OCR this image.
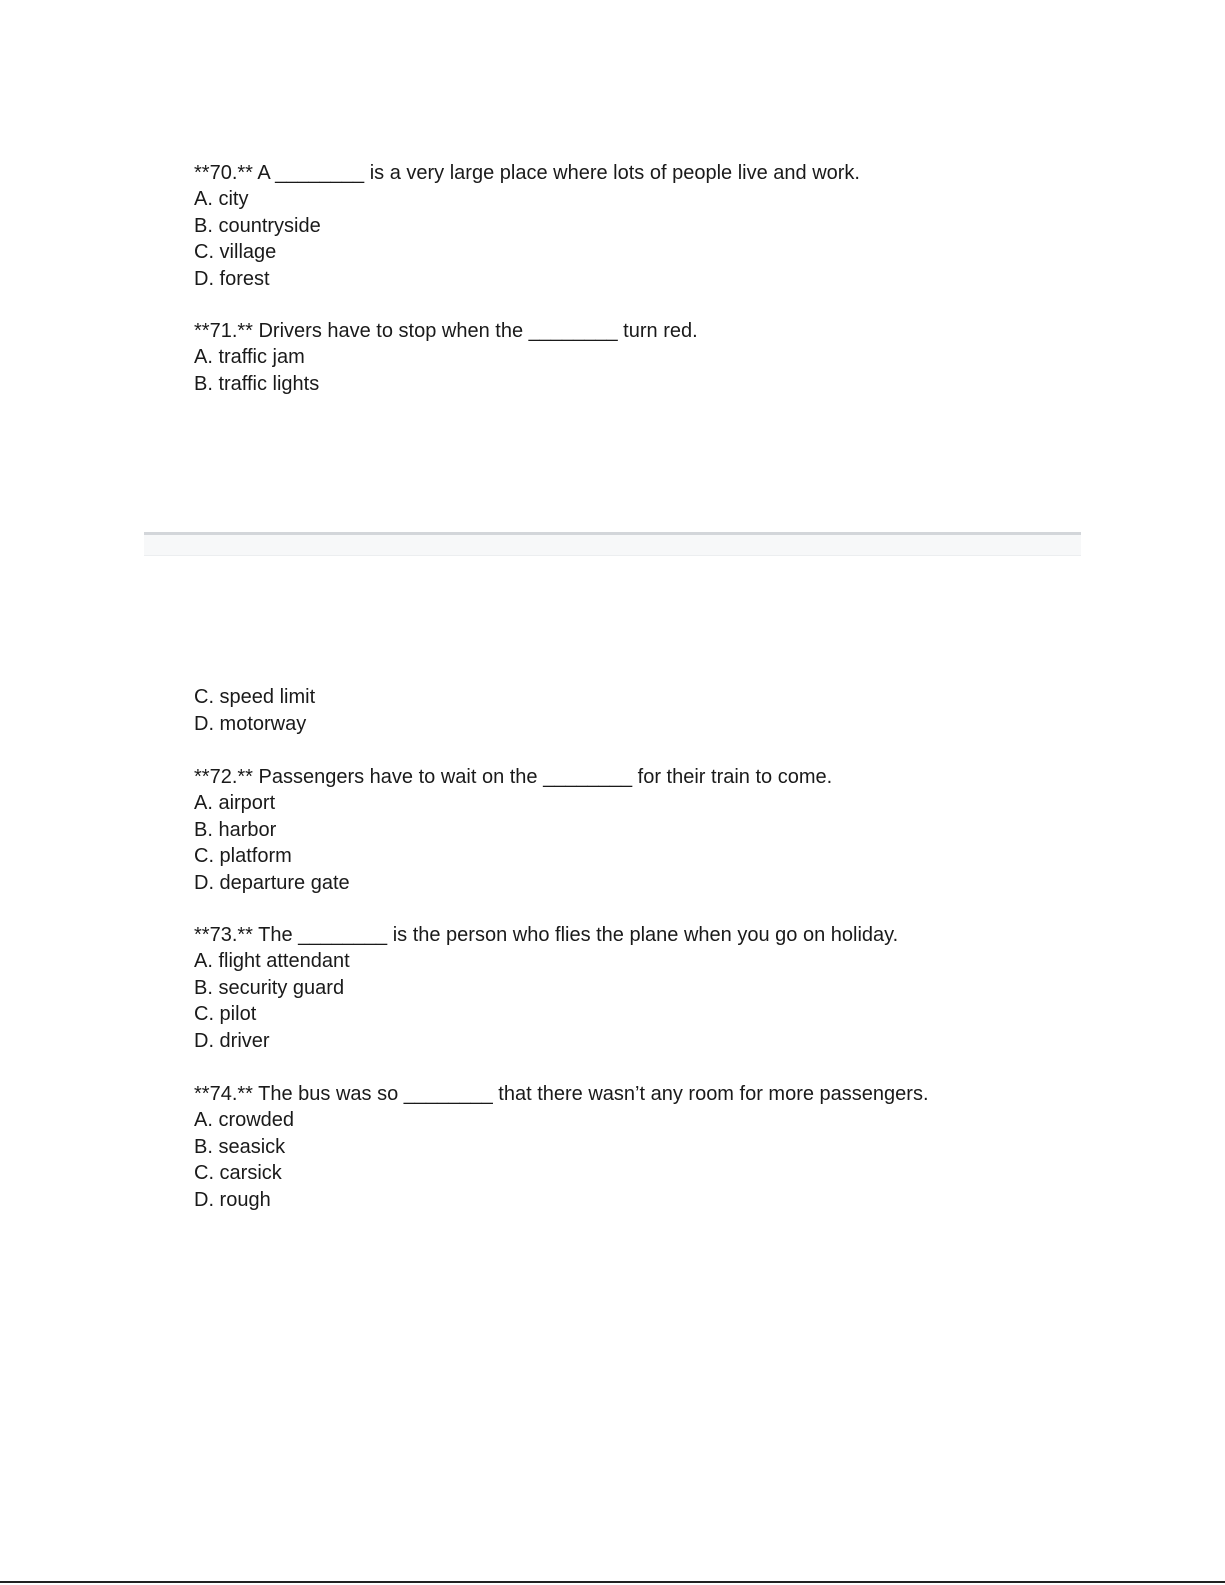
**70.** A ________ is a very large place where lots of people live and work.
A. city
B. countryside
C. village
D. forest
**71.** Drivers have to stop when the ________ turn red.
A. traffic jam
B. traffic lights
C. speed limit
D. motorway
**72.** Passengers have to wait on the ________ for their train to come.
A. airport
B. harbor
C. platform
D. departure gate
**73.** The ________ is the person who flies the plane when you go on holiday.
A. flight attendant
B. security guard
C. pilot
D. driver
**74.** The bus was so ________ that there wasn’t any room for more passengers.
A. crowded
B. seasick
C. carsick
D. rough
